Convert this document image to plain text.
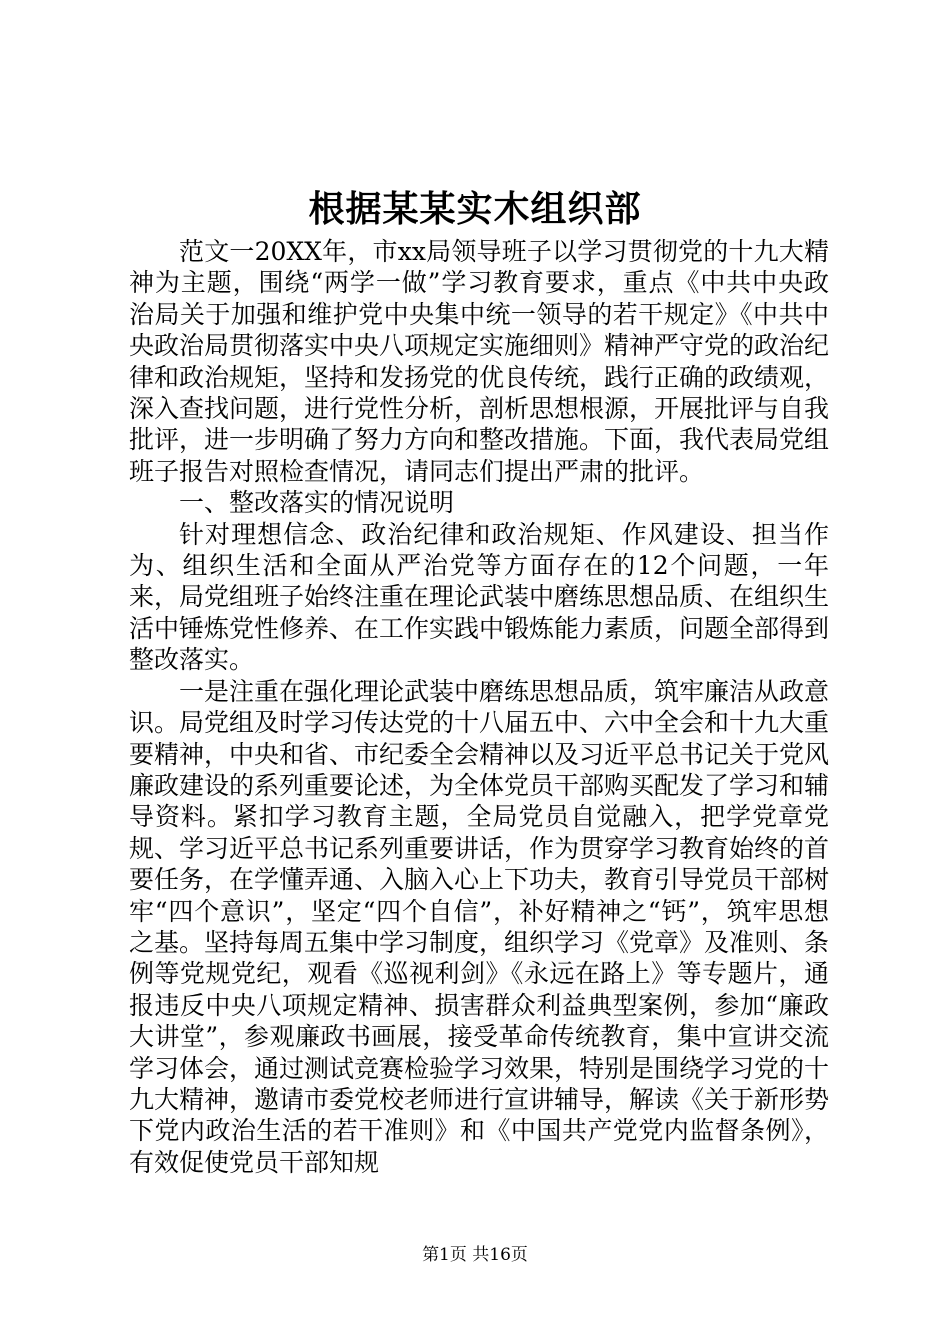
根据某某实木组织部

范文一20XX年，市xx局领导班子以学习贯彻党的十九大精神为主题，围绕“两学一做”学习教育要求，重点《中共中央政治局关于加强和维护党中央集中统一领导的若干规定》《中共中央政治局贯彻落实中央八项规定实施细则》精神严守党的政治纪律和政治规矩，坚持和发扬党的优良传统，践行正确的政绩观，深入查找问题，进行党性分析，剖析思想根源，开展批评与自我批评，进一步明确了努力方向和整改措施。下面，我代表局党组班子报告对照检查情况，请同志们提出严肃的批评。

一、整改落实的情况说明

针对理想信念、政治纪律和政治规矩、作风建设、担当作为、组织生活和全面从严治党等方面存在的12个问题，一年来，局党组班子始终注重在理论武装中磨练思想品质、在组织生活中锤炼党性修养、在工作实践中锻炼能力素质，问题全部得到整改落实。

一是注重在强化理论武装中磨练思想品质，筑牢廉洁从政意识。局党组及时学习传达党的十八届五中、六中全会和十九大重要精神，中央和省、市纪委全会精神以及习近平总书记关于党风廉政建设的系列重要论述，为全体党员干部购买配发了学习和辅导资料。紧扣学习教育主题，全局党员自觉融入，把学党章党规、学习近平总书记系列重要讲话，作为贯穿学习教育始终的首要任务，在学懂弄通、入脑入心上下功夫，教育引导党员干部树牢“四个意识”，坚定“四个自信”，补好精神之“钙”，筑牢思想之基。坚持每周五集中学习制度，组织学习《党章》及准则、条例等党规党纪，观看《巡视利剑》《永远在路上》等专题片，通报违反中央八项规定精神、损害群众利益典型案例，参加“廉政大讲堂”，参观廉政书画展，接受革命传统教育，集中宣讲交流学习体会，通过测试竞赛检验学习效果，特别是围绕学习党的十九大精神，邀请市委党校老师进行宣讲辅导，解读《关于新形势下党内政治生活的若干准则》和《中国共产党党内监督条例》，有效促使党员干部知规

第1页 共16页
